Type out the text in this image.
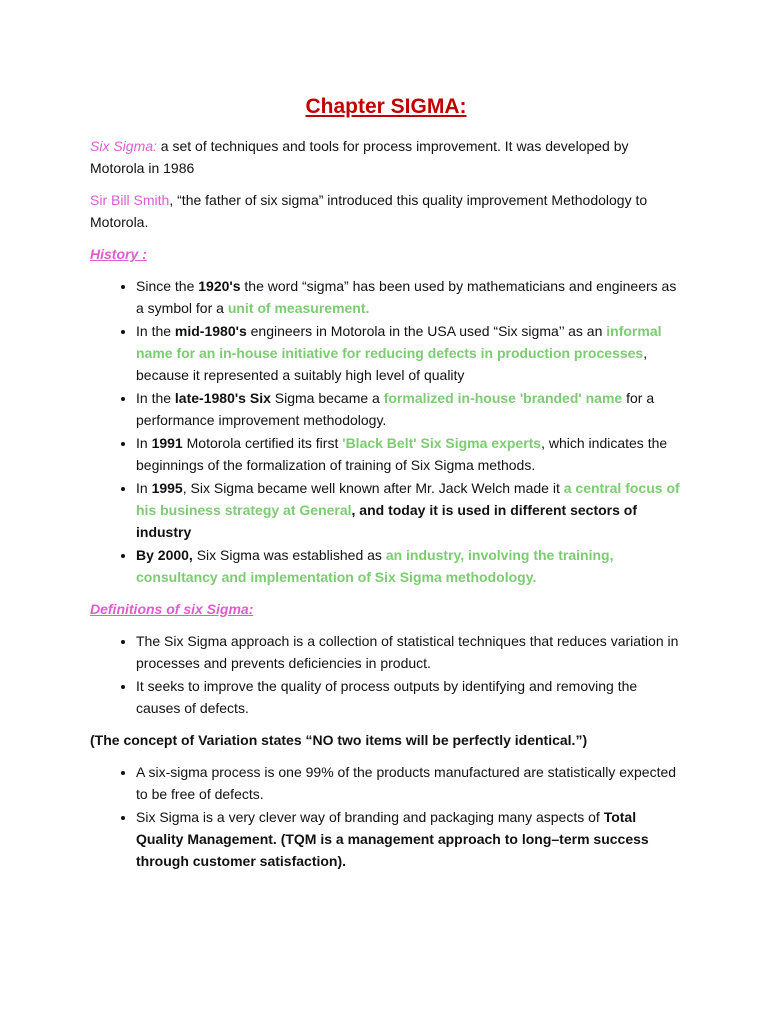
Chapter SIGMA:

Six Sigma: a set of techniques and tools for process improvement. It was developed by Motorola in 1986

Sir Bill Smith, “the father of six sigma” introduced this quality improvement Methodology to Motorola.

History :
• Since the 1920's the word “sigma” has been used by mathematicians and engineers as a symbol for a unit of measurement.
• In the mid-1980's engineers in Motorola in the USA used “Six sigma’’ as an informal name for an in-house initiative for reducing defects in production processes, because it represented a suitably high level of quality
• In the late-1980's Six Sigma became a formalized in-house 'branded' name for a performance improvement methodology.
• In 1991 Motorola certified its first 'Black Belt' Six Sigma experts, which indicates the beginnings of the formalization of training of Six Sigma methods.
• In 1995, Six Sigma became well known after Mr. Jack Welch made it a central focus of his business strategy at General, and today it is used in different sectors of industry
• By 2000, Six Sigma was established as an industry, involving the training, consultancy and implementation of Six Sigma methodology.
Definitions of six Sigma:
• The Six Sigma approach is a collection of statistical techniques that reduces variation in processes and prevents deficiencies in product.
• It seeks to improve the quality of process outputs by identifying and removing the causes of defects.

(The concept of Variation states “NO two items will be perfectly identical.”)

• A six-sigma process is one 99% of the products manufactured are statistically expected to be free of defects.
• Six Sigma is a very clever way of branding and packaging many aspects of Total Quality Management. (TQM is a management approach to long–term success through customer satisfaction).
